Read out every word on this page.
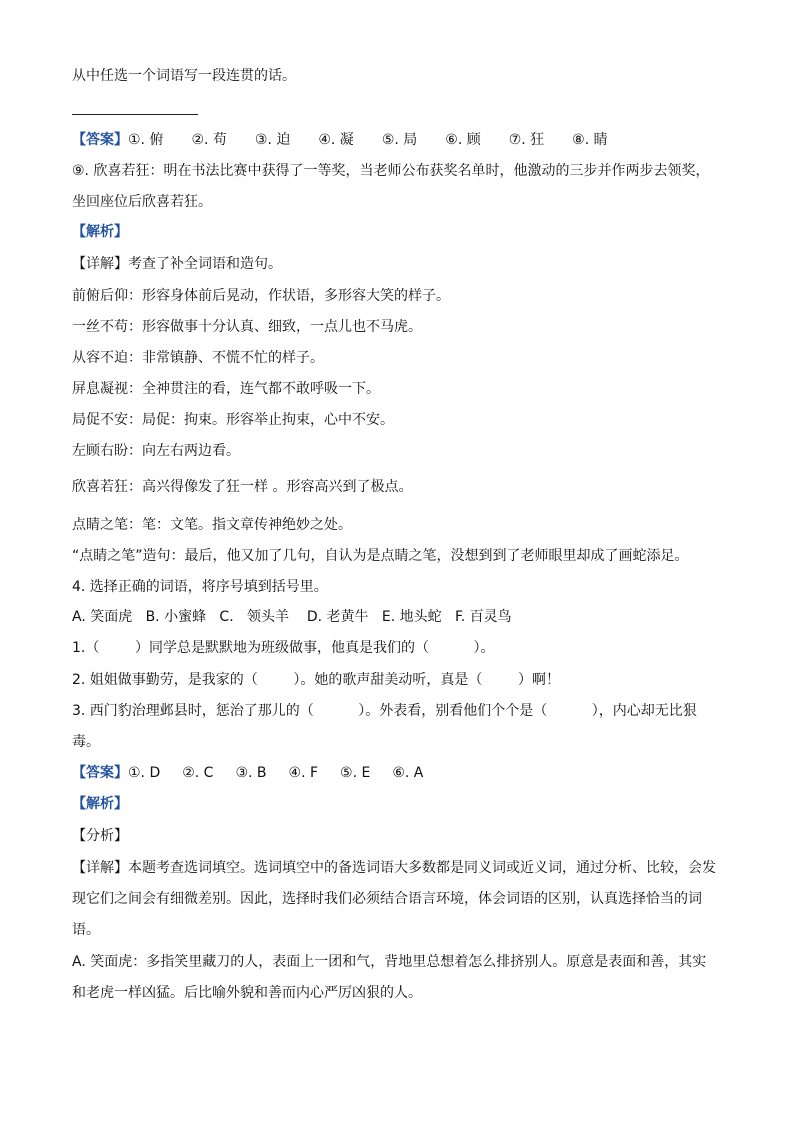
从中任选一个词语写一段连贯的话。
【答案】①. 俯 ②. 苟 ③. 迫 ④. 凝 ⑤. 局 ⑥. 顾 ⑦. 狂 ⑧. 睛
⑨. 欣喜若狂：明在书法比赛中获得了一等奖，当老师公布获奖名单时，他激动的三步并作两步去领奖，
坐回座位后欣喜若狂。
【解析】
【详解】考查了补全词语和造句。
前俯后仰：形容身体前后晃动，作状语，多形容大笑的样子。
一丝不苟：形容做事十分认真、细致，一点儿也不马虎。
从容不迫：非常镇静、不慌不忙的样子。
屏息凝视：全神贯注的看，连气都不敢呼吸一下。
局促不安：局促：拘束。形容举止拘束，心中不安。
左顾右盼：向左右两边看。
欣喜若狂：高兴得像发了狂一样 。形容高兴到了极点。
点睛之笔：笔：文笔。指文章传神绝妙之处。
“点睛之笔”造句：最后，他又加了几句，自认为是点睛之笔，没想到到了老师眼里却成了画蛇添足。
4. 选择正确的词语，将序号填到括号里。
A. 笑面虎   B. 小蜜蜂   C.   领头羊    D. 老黄牛   E. 地头蛇   F. 百灵鸟
1.（        ）同学总是默默地为班级做事，他真是我们的（          ）。
2. 姐姐做事勤劳，是我家的（        ）。她的歌声甜美动听，真是（        ）啊！
3. 西门豹治理邺县时，惩治了那儿的（          ）。外表看，别看他们个个是（          ），内心却无比狠
毒。
【答案】①. D ②. C ③. B ④. F ⑤. E ⑥. A
【解析】
【分析】
【详解】本题考查选词填空。选词填空中的备选词语大多数都是同义词或近义词，通过分析、比较，会发
现它们之间会有细微差别。因此，选择时我们必须结合语言环境，体会词语的区别，认真选择恰当的词
语。
A. 笑面虎：多指笑里藏刀的人，表面上一团和气，背地里总想着怎么排挤别人。原意是表面和善，其实
和老虎一样凶猛。后比喻外貌和善而内心严厉凶狠的人。
